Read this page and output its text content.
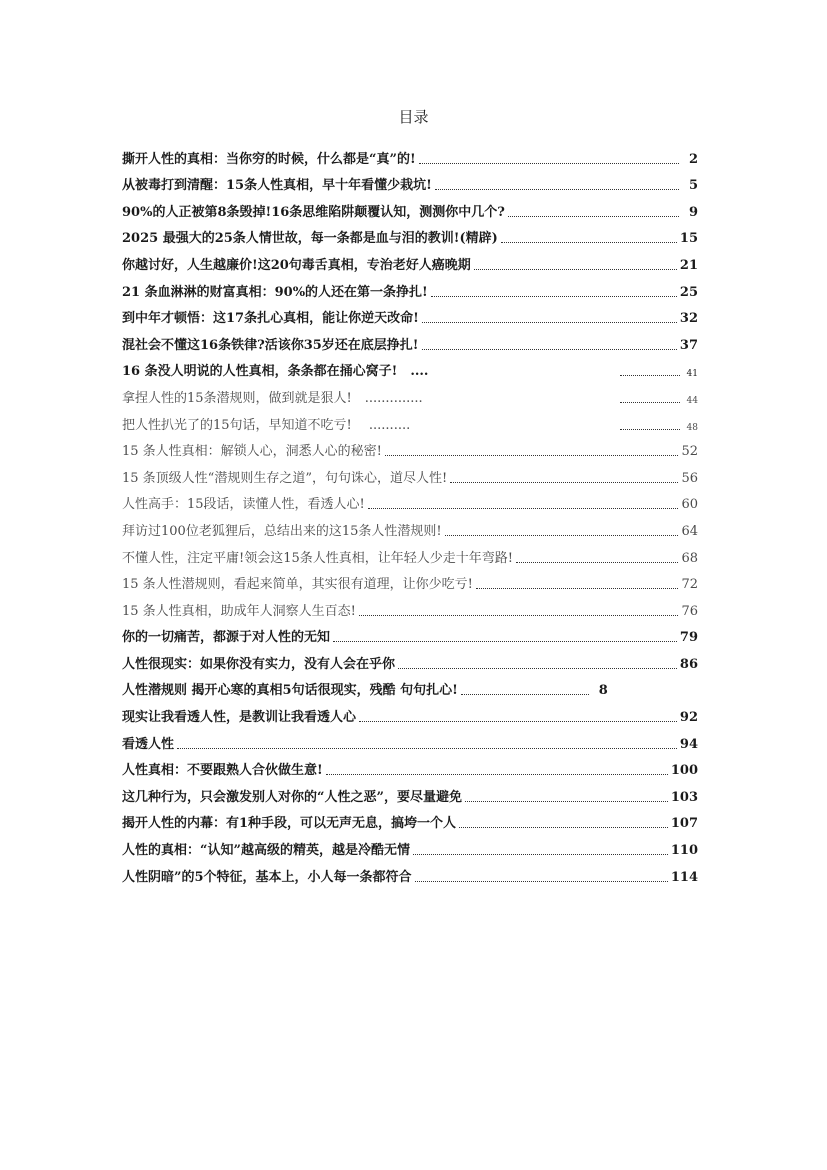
目录
撕开人性的真相：当你穷的时候，什么都是“真”的!	2
从被毒打到清醒：15条人性真相，早十年看懂少栽坑!	5
90%的人正被第8条毁掉!16条思维陷阱颠覆认知，测测你中几个?	9
2025 最强大的25条人情世故，每一条都是血与泪的教训!(精辟)	15
你越讨好，人生越廉价!这20句毒舌真相，专治老好人癌晚期	21
21 条血淋淋的财富真相：90%的人还在第一条挣扎!	25
到中年才顿悟：这17条扎心真相，能让你逆天改命!	32
混社会不懂这16条铁律?活该你35岁还在底层挣扎!	37
16 条没人明说的人性真相，条条都在捅心窝子!　....	41
拿捏人性的15条潜规则，做到就是狠人!　..............	44
把人性扒光了的15句话，早知道不吃亏!　 ..........	48
15 条人性真相：解锁人心，洞悉人心的秘密!	52
15 条顶级人性“潜规则生存之道”，句句诛心，道尽人性!	56
人性高手：15段话，读懂人性，看透人心!	60
拜访过100位老狐狸后，总结出来的这15条人性潜规则!	64
不懂人性，注定平庸!领会这15条人性真相，让年轻人少走十年弯路!	68
15 条人性潜规则，看起来简单，其实很有道理，让你少吃亏!	72
15 条人性真相，助成年人洞察人生百态!	76
你的一切痛苦，都源于对人性的无知	79
人性很现实：如果你没有实力，没有人会在乎你	86
人性潜规则 揭开心寒的真相5句话很现实，残酷 句句扎心!	8
现实让我看透人性，是教训让我看透人心	92
看透人性	94
人性真相：不要跟熟人合伙做生意!	100
这几种行为，只会激发别人对你的“人性之恶”，要尽量避免	103
揭开人性的内幕：有1种手段，可以无声无息，搞垮一个人	107
人性的真相：“认知”越高级的精英，越是冷酷无情	110
人性阴暗”的5个特征，基本上，小人每一条都符合	114
